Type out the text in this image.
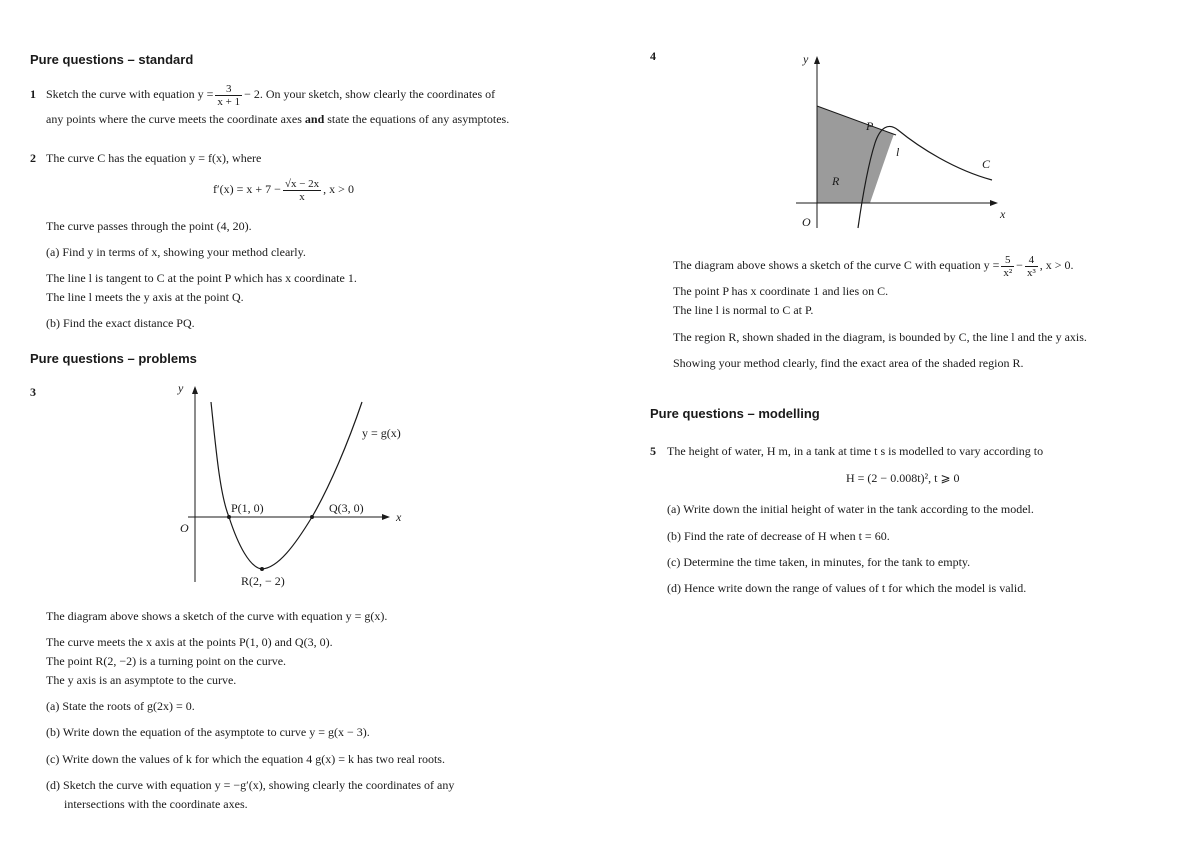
Pure questions – standard
1 Sketch the curve with equation $y = \frac{3}{x + 1} - 2$. On your sketch, show clearly the coordinates of
any points where the curve meets the coordinate axes and state the equations of any asymptotes.
2 The curve C has the equation y = f(x), where
$f'(x) = x + 7 - \frac{√x - 2x}{x}$ , x > 0
The curve passes through the point (4, 20).
(a) Find y in terms of x, showing your method clearly.
The line l is tangent to C at the point P which has x coordinate 1.
The line l meets the y axis at the point Q.
(b) Find the exact distance PQ.
Pure questions – problems
3	y
x
O
y = g(x)
P(1, 0)	Q(3, 0)
R(2, − 2)
The diagram above shows a sketch of the curve with equation y = g(x).
The curve meets the x axis at the points P(1, 0) and Q(3, 0).
The point R(2, −2) is a turning point on the curve.
The y axis is an asymptote to the curve.
(a) State the roots of g(2x) = 0.
(b) Write down the equation of the asymptote to curve y = g(x − 3).
(c) Write down the values of k for which the equation 4 g(x) = k has two real roots.
(d) Sketch the curve with equation y = −g′(x), showing clearly the coordinates of any
intersections with the coordinate axes.
4	y
x
O
P
l
C
R
The diagram above shows a sketch of the curve C with equation $y = \frac{5}{\text{x²}} - \frac{4}{\text{x³}}$ , x > 0.
The point P has x coordinate 1 and lies on C.
The line l is normal to C at P.
The region R, shown shaded in the diagram, is bounded by C, the line l and the y axis.
Showing your method clearly, find the exact area of the shaded region R.
Pure questions – modelling
5 The height of water, H m, in a tank at time t s is modelled to vary according to
H = (2 − 0.008t)², t ⩾ 0
(a) Write down the initial height of water in the tank according to the model.
(b) Find the rate of decrease of H when t = 60.
(c) Determine the time taken, in minutes, for the tank to empty.
(d) Hence write down the range of values of t for which the model is valid.
